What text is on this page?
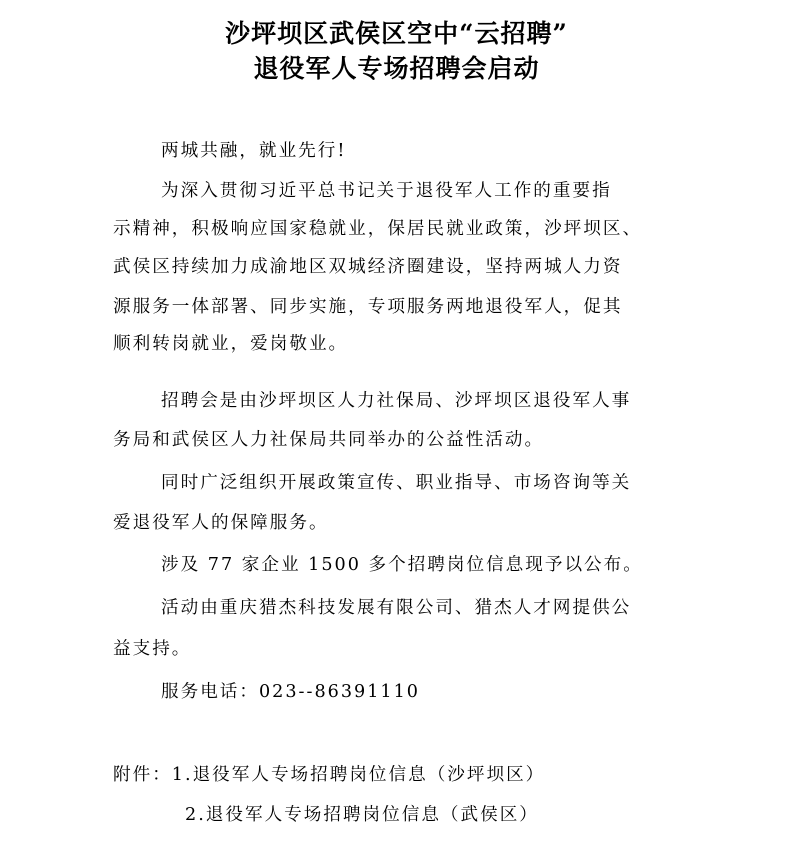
沙坪坝区武侯区空中“云招聘”
退役军人专场招聘会启动

两城共融，就业先行!

为深入贯彻习近平总书记关于退役军人工作的重要指

示精神，积极响应国家稳就业，保居民就业政策，沙坪坝区、

武侯区持续加力成渝地区双城经济圈建设，坚持两城人力资

源服务一体部署、同步实施，专项服务两地退役军人，促其

顺利转岗就业，爱岗敬业。

招聘会是由沙坪坝区人力社保局、沙坪坝区退役军人事

务局和武侯区人力社保局共同举办的公益性活动。

同时广泛组织开展政策宣传、职业指导、市场咨询等关

爱退役军人的保障服务。

涉及 77 家企业 1500 多个招聘岗位信息现予以公布。

活动由重庆猎杰科技发展有限公司、猎杰人才网提供公

益支持。

服务电话：023--86391110

附件：1.退役军人专场招聘岗位信息（沙坪坝区）

2.退役军人专场招聘岗位信息（武侯区）
